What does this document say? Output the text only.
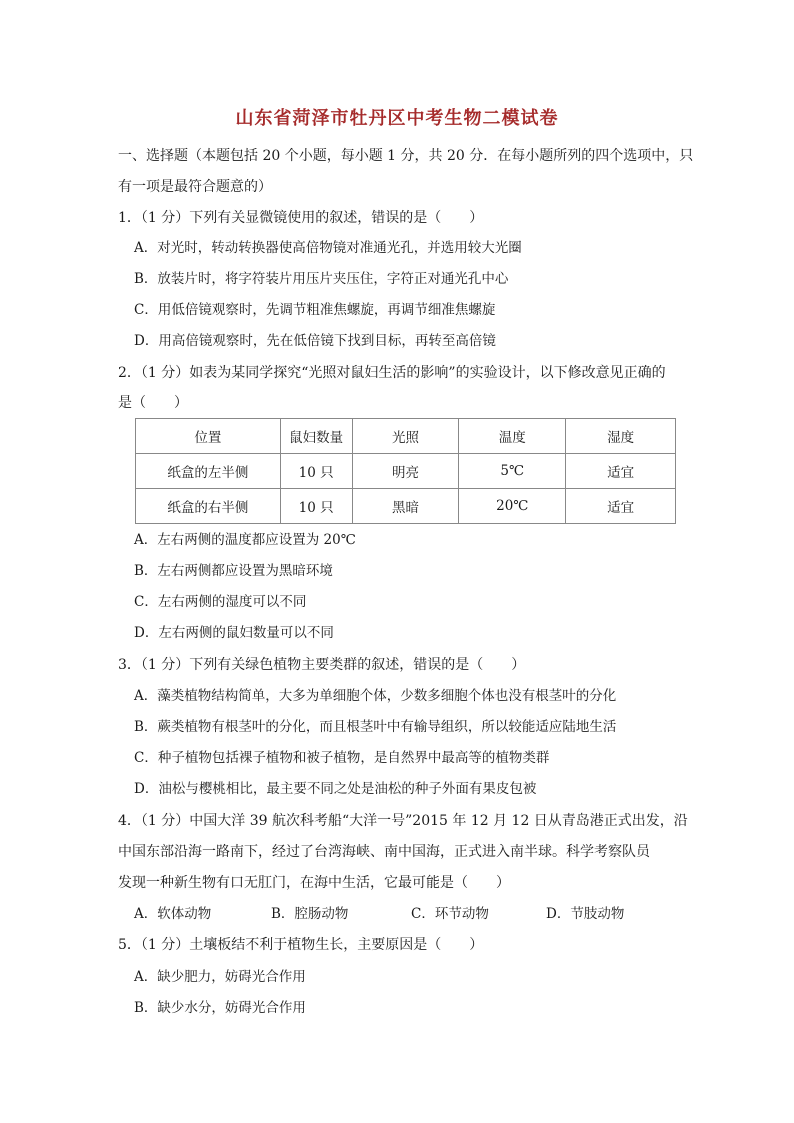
山东省菏泽市牡丹区中考生物二模试卷
一、选择题（本题包括 20 个小题，每小题 1 分，共 20 分．在每小题所列的四个选项中，只
有一项是最符合题意的）
1．（1 分）下列有关显微镜使用的叙述，错误的是（　　）
A．对光时，转动转换器使高倍物镜对准通光孔，并选用较大光圈
B．放装片时，将字符装片用压片夹压住，字符正对通光孔中心
C．用低倍镜观察时，先调节粗准焦螺旋，再调节细准焦螺旋
D．用高倍镜观察时，先在低倍镜下找到目标，再转至高倍镜
2．（1 分）如表为某同学探究“光照对鼠妇生活的影响”的实验设计，以下修改意见正确的
是（　　）
位置	鼠妇数量	光照	温度	湿度
纸盒的左半侧	10 只	明亮	5℃	适宜
纸盒的右半侧	10 只	黑暗	20℃	适宜
A．左右两侧的温度都应设置为 20℃
B．左右两侧都应设置为黑暗环境
C．左右两侧的湿度可以不同
D．左右两侧的鼠妇数量可以不同
3．（1 分）下列有关绿色植物主要类群的叙述，错误的是（　　）
A．藻类植物结构简单，大多为单细胞个体，少数多细胞个体也没有根茎叶的分化
B．蕨类植物有根茎叶的分化，而且根茎叶中有输导组织，所以较能适应陆地生活
C．种子植物包括裸子植物和被子植物，是自然界中最高等的植物类群
D．油松与樱桃相比，最主要不同之处是油松的种子外面有果皮包被
4．（1 分）中国大洋 39 航次科考船“大洋一号”2015 年 12 月 12 日从青岛港正式出发，沿
中国东部沿海一路南下，经过了台湾海峡、南中国海，正式进入南半球。科学考察队员
发现一种新生物有口无肛门，在海中生活，它最可能是（　　）
A．软体动物	B．腔肠动物	C．环节动物	D．节肢动物
5．（1 分）土壤板结不利于植物生长，主要原因是（　　）
A．缺少肥力，妨碍光合作用
B．缺少水分，妨碍光合作用
